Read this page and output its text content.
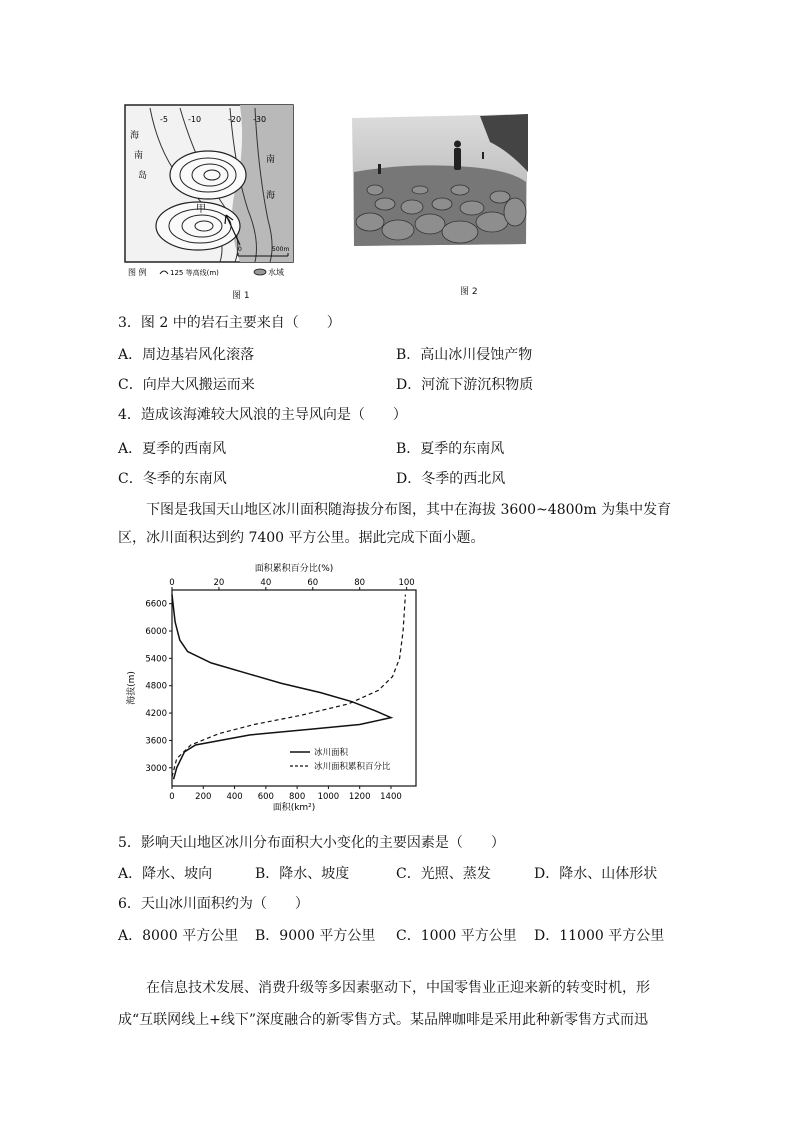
海
南
岛
南
海
-5	-10	-20 -30
甲
0	500m
图 例	125 等高线(m)	水域
图 1	图 2
3．图 2 中的岩石主要来自（　　）
A．周边基岩风化滚落	B．高山冰川侵蚀产物
C．向岸大风搬运而来	D．河流下游沉积物质
4．造成该海滩较大风浪的主导风向是（　　）
A．夏季的西南风	B．夏季的东南风
C．冬季的东南风	D．冬季的西北风
　　下图是我国天山地区冰川面积随海拔分布图，其中在海拔 3600~4800m 为集中发育区，冰川面积达到约 7400 平方公里。据此完成下面小题。
面积累积百分比(%)
面积(km²)
海拔(m)
0 200 400 600 800 1000 1200 1400
0	20	40	60	80	100
3000
3600
4200
4800
5400
6000
6600
冰川面积
冰川面积累积百分比
5．影响天山地区冰川分布面积大小变化的主要因素是（　　）
A．降水、坡向	B．降水、坡度	C．光照、蒸发	D．降水、山体形状
6．天山冰川面积约为（　　）
A．8000 平方公里 B．9000 平方公里 C．1000 平方公里 D．11000 平方公里
　　在信息技术发展、消费升级等多因素驱动下，中国零售业正迎来新的转变时机，形成“互联网线上+线下”深度融合的新零售方式。某品牌咖啡是采用此种新零售方式而迅
